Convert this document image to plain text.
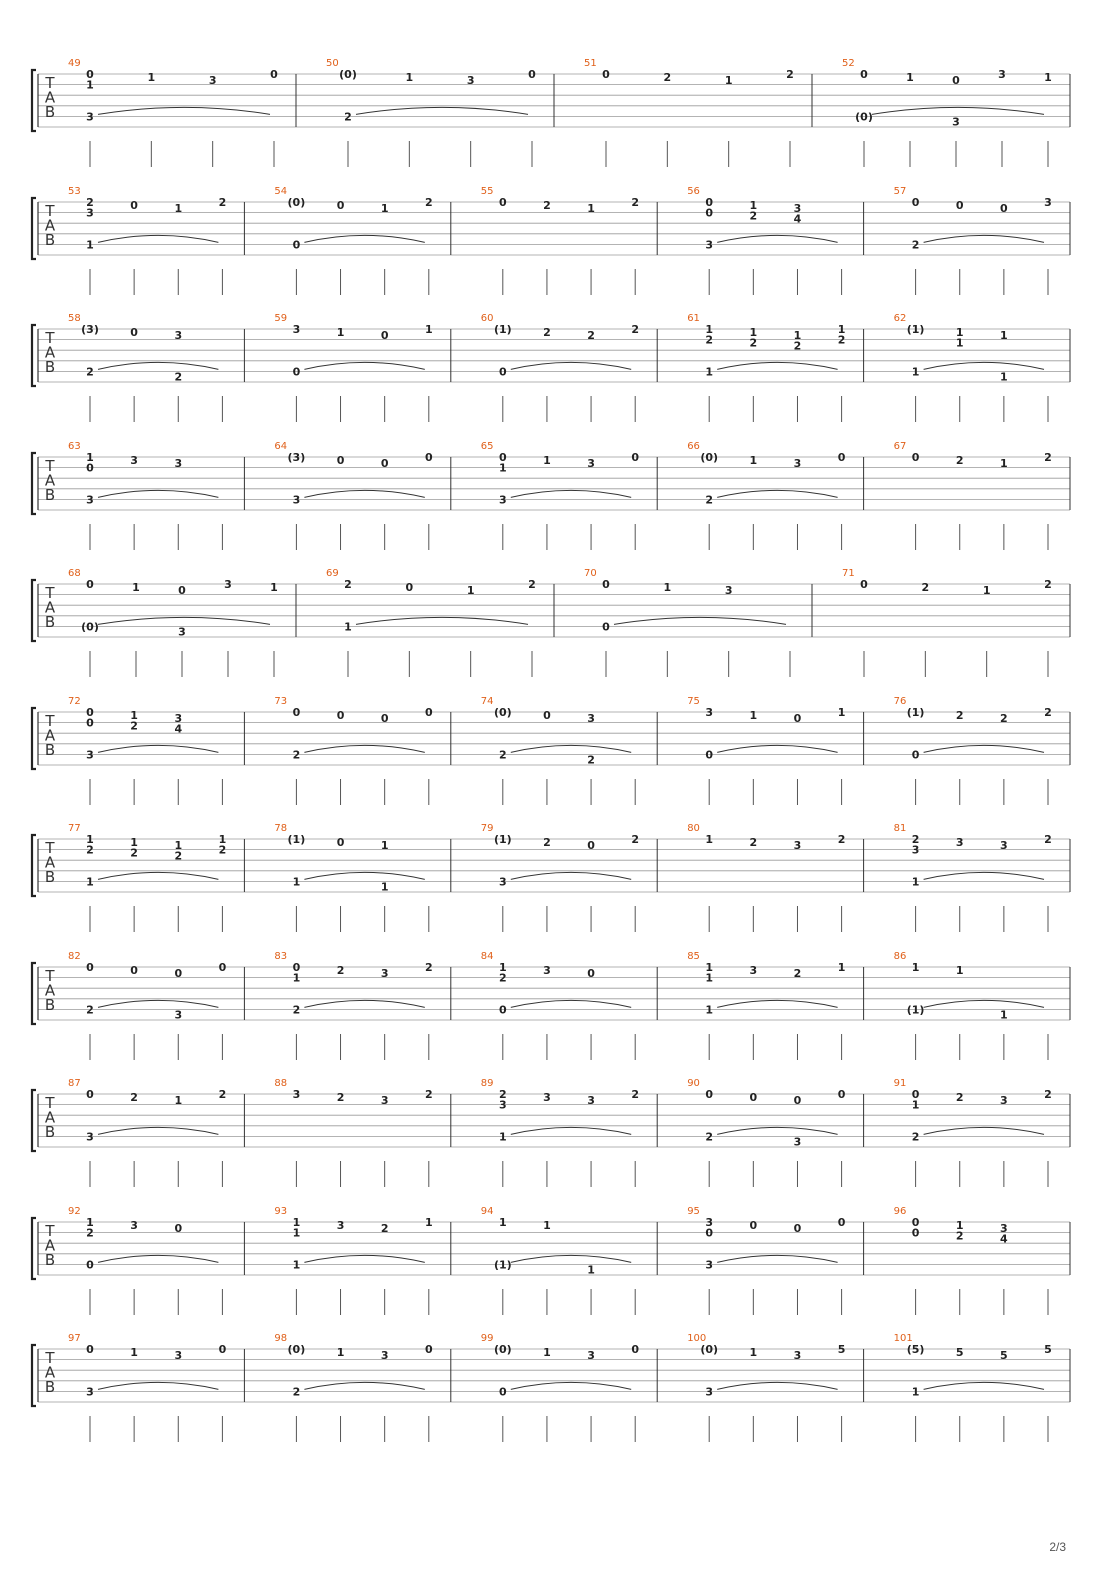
T
A
B
49
3
0
1
1	3	0
50
2
(0)	1	3	0
51
0	2	1	2
52
(0)	3
0	1	0	3	1
T
A
B
53
1
2
3
0	1	2
54
0
(0)	0	1	2
55
0	2	1	2
56
3
0
0
1
2
3
4
57
2
0	0	0	3
T
A
B
58
2	2
(3)	0	3
59
0
3	1	0	1
60
0
(1)	2	2	2
61
1
1
2
1
2
1
2
1
2
62
1	1
(1)	1
1
1
T
A
B
63
3
1
0
3	3
64
3
(3)	0	0	0
65
3
0
1
1	3	0
66
2
(0)	1	3	0
67
0	2	1	2
T
A
B
68
(0)	3
0	1	0	3	1
69
1
2	0	1	2
70
0
0	1	3
71
0	2	1	2
T
A
B
72
3
0
0
1
2
3
4
73
2
0	0	0	0
74
2	2
(0)	0	3
75
0
3	1	0	1
76
0
(1)	2	2	2
T
A
B
77
1
1
2
1
2
1
2
1
2
78
1	1
(1)	0	1
79
3
(1)	2	0	2
80
1	2	3	2
81
1
2
3
3	3	2
T
A
B
82
2	3
0	0	0	0
83
2
0
1
2	3	2
84
0
1
2
3	0
85
1
1
1
3	2	1
86
(1)	1
1	1
T
A
B
87
3
0	2	1	2
88
3	2	3	2
89
1
2
3
3	3	2
90
2	3
0	0	0	0
91
2
0
1
2	3	2
T
A
B
92
0
1
2
3	0
93
1
1
1
3	2	1
94
(1)	1
1	1
95
3
3
0
0	0	0
96
0
0
1
2
3
4
T
A
B
97
3
0	1	3	0
98
2
(0)	1	3	0
99
0
(0)	1	3	0
100
3
(0)	1	3	5
101
1
(5)	5	5	5
2/3
